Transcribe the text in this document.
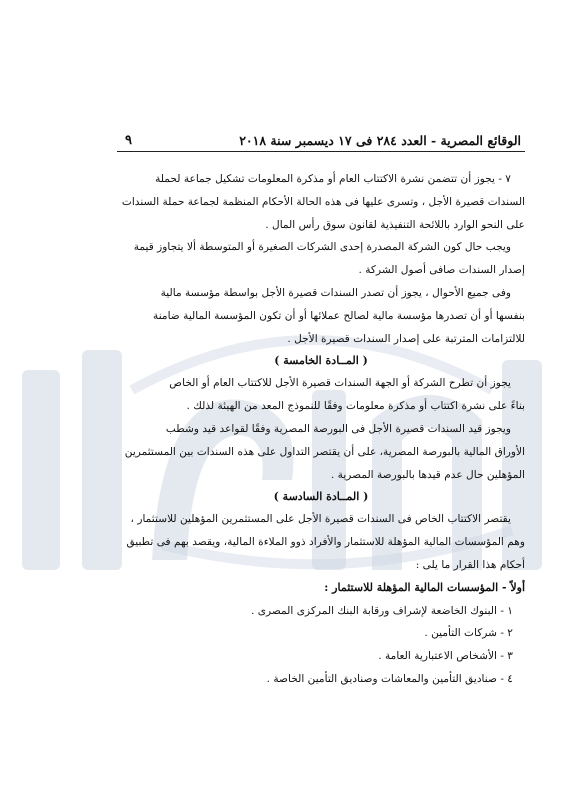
الوقائع المصرية - العدد ٢٨٤ فى ١٧ ديسمبر سنة ٢٠١٨
٩

٧ - يجوز أن تتضمن نشرة الاكتتاب العام أو مذكرة المعلومات تشكيل جماعة لحملة

السندات قصيرة الأجل ، وتسرى عليها فى هذه الحالة الأحكام المنظمة لجماعة حملة السندات

على النحو الوارد باللائحة التنفيذية لقانون سوق رأس المال .

ويجب حال كون الشركة المصدرة إحدى الشركات الصغيرة أو المتوسطة ألا يتجاوز قيمة

إصدار السندات صافى أصول الشركة .

وفى جميع الأحوال ، يجوز أن تصدر السندات قصيرة الأجل بواسطة مؤسسة مالية

بنفسها أو أن تصدرها مؤسسة مالية لصالح عملائها أو أن تكون المؤسسة المالية ضامنة

للالتزامات المترتبة على إصدار السندات قصيرة الأجل .

( المــادة الخامسة )

يجوز أن تطرح الشركة أو الجهة السندات قصيرة الأجل للاكتتاب العام أو الخاص

بناءً على نشرة اكتتاب أو مذكرة معلومات وفقًا للنموذج المعد من الهيئة لذلك .

ويجوز قيد السندات قصيرة الأجل فى البورصة المصرية وفقًا لقواعد قيد وشطب

الأوراق المالية بالبورصة المصرية، على أن يقتصر التداول على هذه السندات بين المستثمرين

المؤهلين حال عدم قيدها بالبورصة المصرية .

( المــادة السادسة )

يقتصر الاكتتاب الخاص فى السندات قصيرة الأجل على المستثمرين المؤهلين للاستثمار ،

وهم المؤسسات المالية المؤهلة للاستثمار والأفراد ذوو الملاءة المالية، ويقصد بهم فى تطبيق

أحكام هذا القرار ما يلى :

أولاً - المؤسسات المالية المؤهلة للاستثمار :
١ - البنوك الخاضعة لإشراف ورقابة البنك المركزى المصرى .
٢ - شركات التأمين .
٣ - الأشخاص الاعتبارية العامة .
٤ - صناديق التأمين والمعاشات وصناديق التأمين الخاصة .
